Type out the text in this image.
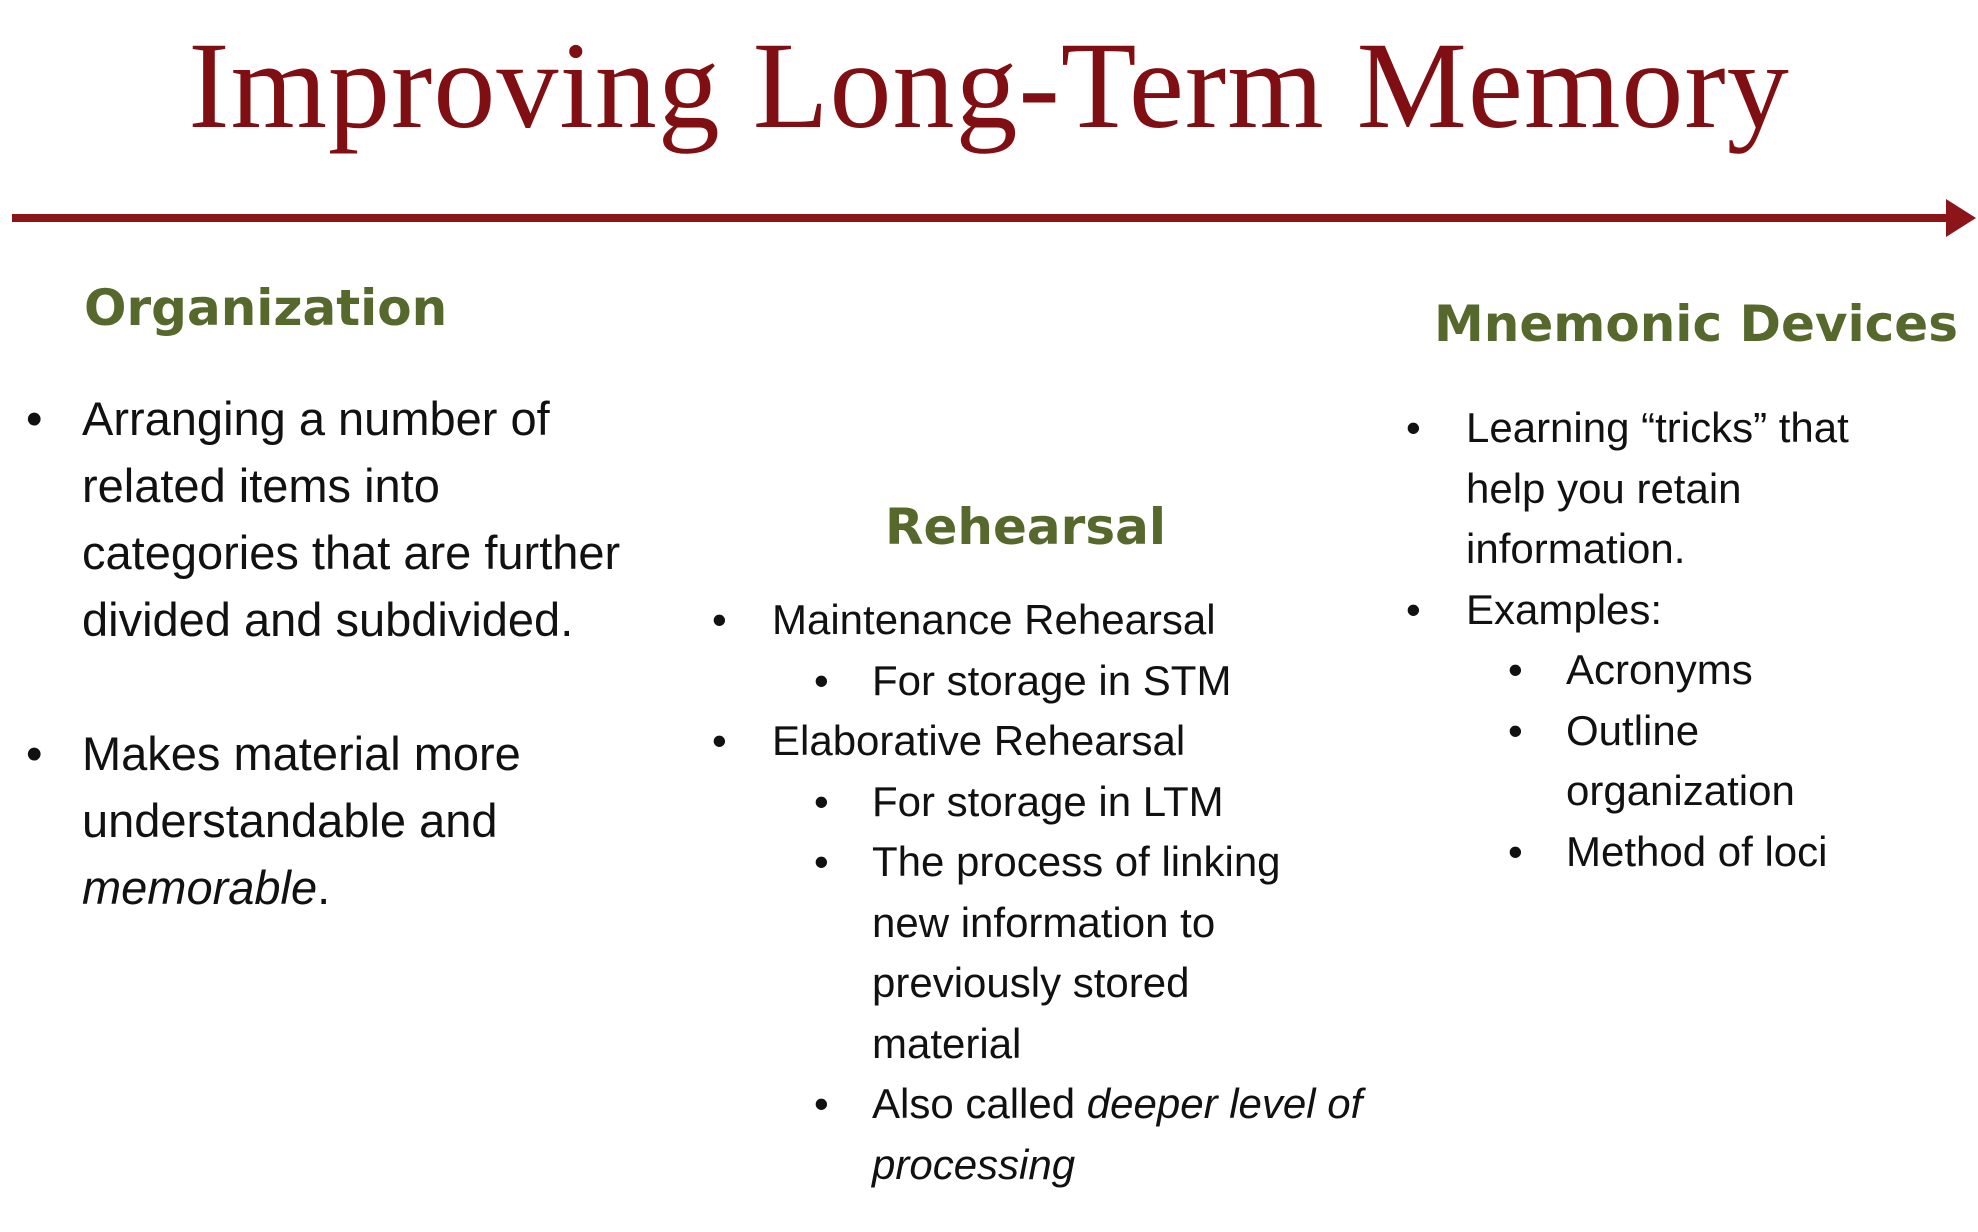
Improving Long-Term Memory
Organization
• Arranging a number of related items into categories that are further divided and subdivided.
• Makes material more understandable and memorable.
Rehearsal
• Maintenance Rehearsal
• For storage in STM
• Elaborative Rehearsal
• For storage in LTM
• The process of linking new information to previously stored material
• Also called deeper level of processing
Mnemonic Devices
• Learning “tricks” that help you retain information.
• Examples:
• Acronyms
• Outline organization
• Method of loci
